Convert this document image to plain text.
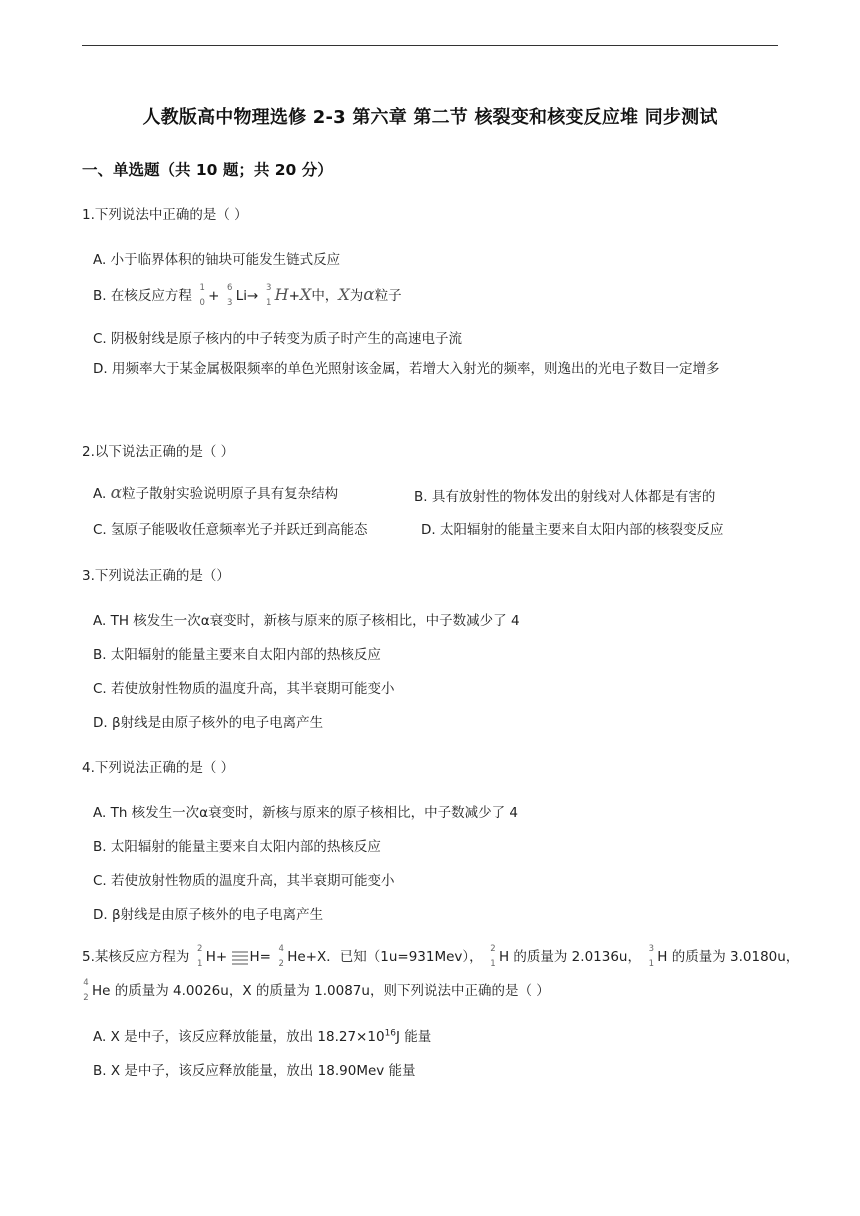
人教版高中物理选修 2-3 第六章 第二节 核裂变和核变反应堆 同步测试
一、单选题（共 10 题；共 20 分）
1.下列说法中正确的是（ ）
A. 小于临界体积的铀块可能发生链式反应
B. 在核反应方程 1
0 + 6
3 Li→ 3
1 H+X中，X为α粒子
C. 阴极射线是原子核内的中子转变为质子时产生的高速电子流
D. 用频率大于某金属极限频率的单色光照射该金属，若增大入射光的频率，则逸出的光电子数目一定增多
2.以下说法正确的是（ ）
A. α粒子散射实验说明原子具有复杂结构	B. 具有放射性的物体发出的射线对人体都是有害的
C. 氢原子能吸收任意频率光子并跃迁到高能态	D. 太阳辐射的能量主要来自太阳内部的核裂变反应
3.下列说法正确的是（）
A. TH 核发生一次α衰变时，新核与原来的原子核相比，中子数减少了 4
B. 太阳辐射的能量主要来自太阳内部的热核反应
C. 若使放射性物质的温度升高，其半衰期可能变小
D. β射线是由原子核外的电子电离产生
4.下列说法正确的是（ ）
A. Th 核发生一次α衰变时，新核与原来的原子核相比，中子数减少了 4
B. 太阳辐射的能量主要来自太阳内部的热核反应
C. 若使放射性物质的温度升高，其半衰期可能变小
D. β射线是由原子核外的电子电离产生
5.某核反应方程为 2
1 H+ H= 4
2 He+X．已知（1u=931Mev）， 2
1 H 的质量为 2.0136u， 3
1 H 的质量为 3.0180u，
4
2 He 的质量为 4.0026u，X 的质量为 1.0087u，则下列说法中正确的是（ ）
A. X 是中子，该反应释放能量，放出 $18.27\times 10^{16}J$ 能量
B. X 是中子，该反应释放能量，放出 18.90Mev 能量
